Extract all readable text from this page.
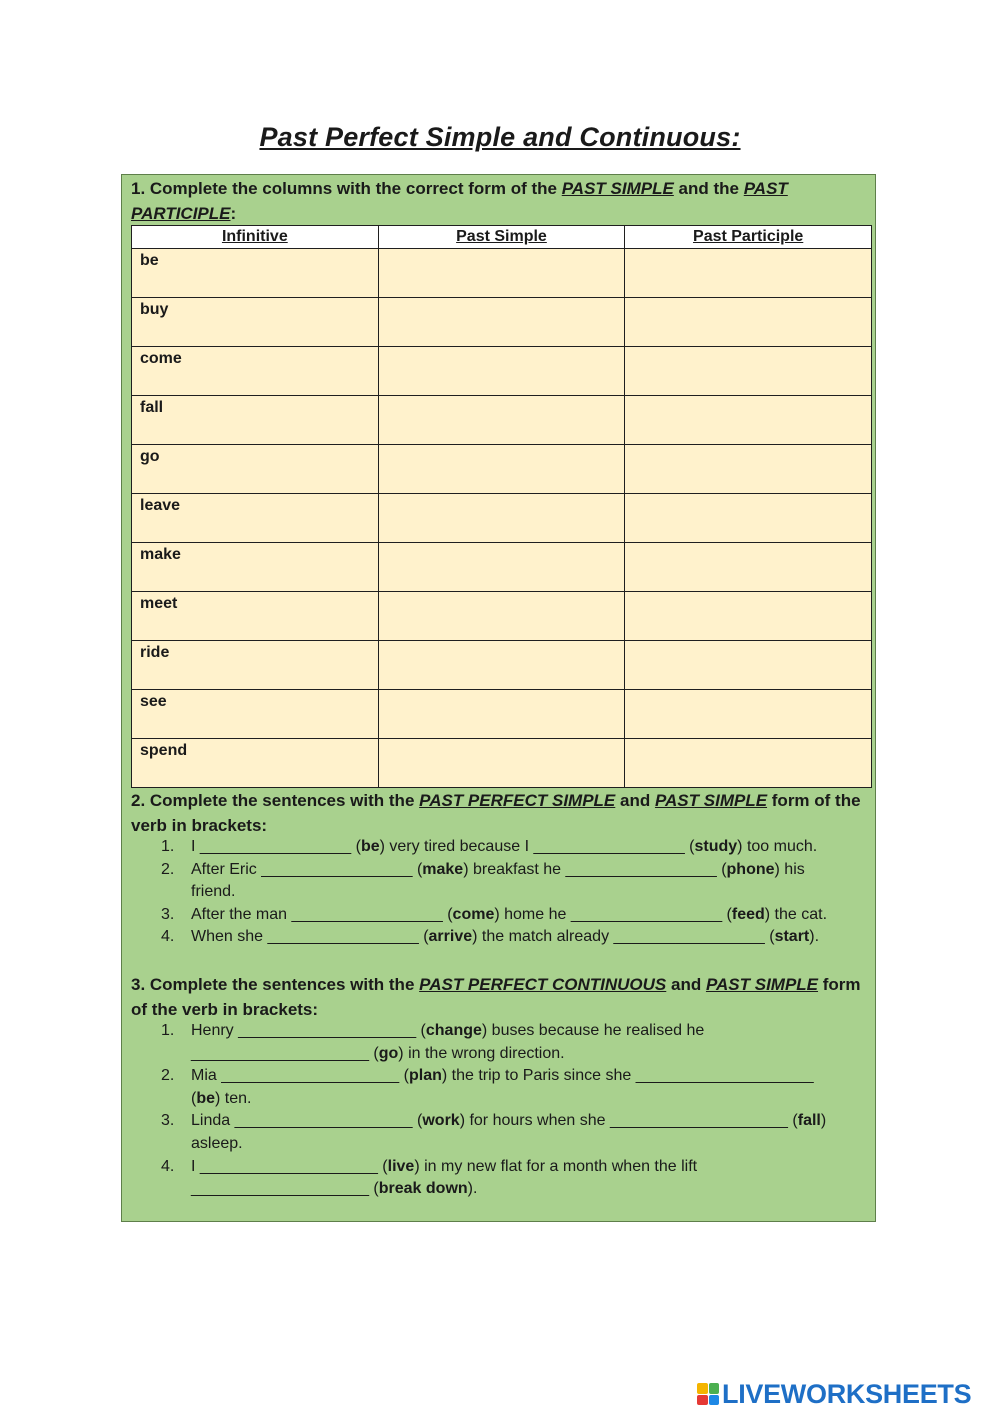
Past Perfect Simple and Continuous:
1. Complete the columns with the correct form of the PAST SIMPLE and the PAST PARTICIPLE:
Infinitive	Past Simple	Past Participle
be		
buy		
come		
fall		
go		
leave		
make		
meet		
ride		
see		
spend		
2. Complete the sentences with the PAST PERFECT SIMPLE and PAST SIMPLE form of the verb in brackets:
1. I _________________ (be) very tired because I _________________ (study) too much.
2. After Eric _________________ (make) breakfast he _________________ (phone) his friend.
3. After the man _________________ (come) home he _________________ (feed) the cat.
4. When she _________________ (arrive) the match already _________________ (start).
3. Complete the sentences with the PAST PERFECT CONTINUOUS and PAST SIMPLE form of the verb in brackets:
1. Henry ____________________ (change) buses because he realised he ____________________ (go) in the wrong direction.
2. Mia ____________________ (plan) the trip to Paris since she ____________________ (be) ten.
3. Linda ____________________ (work) for hours when she ____________________ (fall) asleep.
4. I ____________________ (live) in my new flat for a month when the lift ____________________ (break down).
LIVEWORKSHEETS
